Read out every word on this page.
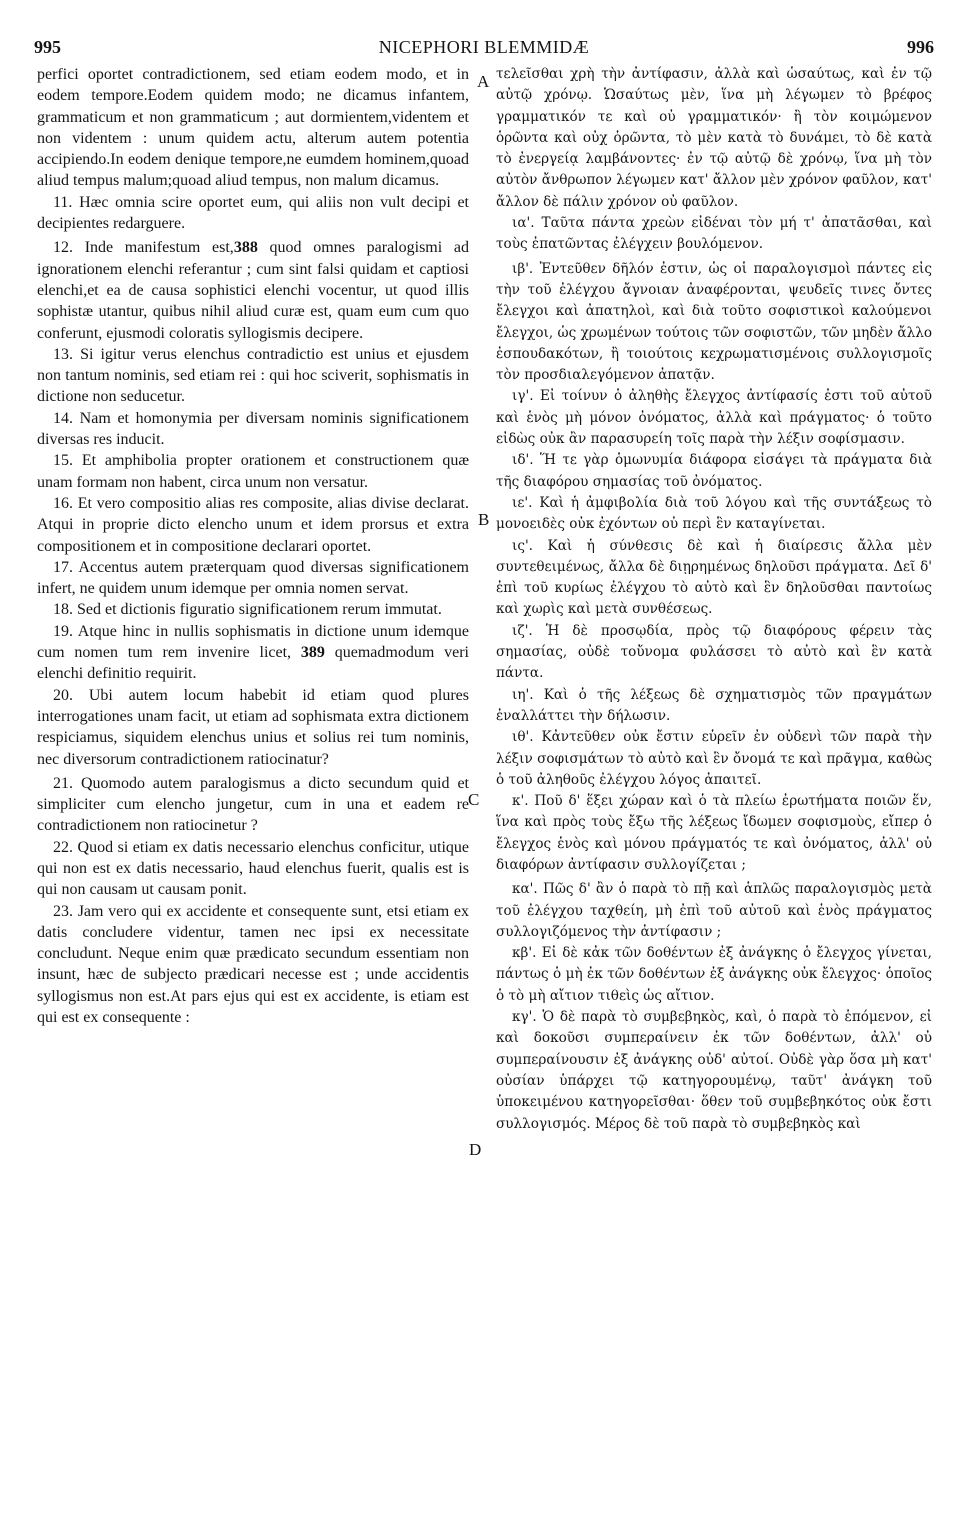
995	NICEPHORI BLEMMIDÆ	996
A
B
C
D

perfici oportet contradictionem, sed etiam eodem modo, et in eodem tempore.Eodem quidem modo; ne dicamus infantem, grammaticum et non grammaticum ; aut dormientem,videntem et non videntem : unum quidem actu, alterum autem potentia accipiendo.In eodem denique tempore,ne eumdem hominem,quoad aliud tempus malum;quoad aliud tempus, non malum dicamus.

11. Hæc omnia scire oportet eum, qui aliis non vult decipi et decipientes redarguere.

12. Inde manifestum est,388 quod omnes paralogismi ad ignorationem elenchi referantur ; cum sint falsi quidam et captiosi elenchi,et ea de causa sophistici elenchi vocentur, ut quod illis sophistæ utantur, quibus nihil aliud curæ est, quam eum cum quo conferunt, ejusmodi coloratis syllogismis decipere.

13. Si igitur verus elenchus contradictio est unius et ejusdem non tantum nominis, sed etiam rei : qui hoc sciverit, sophismatis in dictione non seducetur.

14. Nam et homonymia per diversam nominis significationem diversas res inducit.

15. Et amphibolia propter orationem et constructionem quæ unam formam non habent, circa unum non versatur.

16. Et vero compositio alias res composite, alias divise declarat. Atqui in proprie dicto elencho unum et idem prorsus et extra compositionem et in compositione declarari oportet.

17. Accentus autem præterquam quod diversas significationem infert, ne quidem unum idemque per omnia nomen servat.

18. Sed et dictionis figuratio significationem rerum immutat.

19. Atque hinc in nullis sophismatis in dictione unum idemque cum nomen tum rem invenire licet, 389 quemadmodum veri elenchi definitio requirit.

20. Ubi autem locum habebit id etiam quod plures interrogationes unam facit, ut etiam ad sophismata extra dictionem respiciamus, siquidem elenchus unius et solius rei tum nominis, nec diversorum contradictionem ratiocinatur?

21. Quomodo autem paralogismus a dicto secundum quid et simpliciter cum elencho jungetur, cum in una et eadem re contradictionem non ratiocinetur ?

22. Quod si etiam ex datis necessario elenchus conficitur, utique qui non est ex datis necessario, haud elenchus fuerit, qualis est is qui non causam ut causam ponit.

23. Jam vero qui ex accidente et consequente sunt, etsi etiam ex datis concludere videntur, tamen nec ipsi ex necessitate concludunt. Neque enim quæ prædicato secundum essentiam non insunt, hæc de subjecto prædicari necesse est ; unde accidentis syllogismus non est.At pars ejus qui est ex accidente, is etiam est qui est ex consequente :

τελεῖσθαι χρὴ τὴν ἀντίφασιν, ἀλλὰ καὶ ὡσαύτως, καὶ ἐν τῷ αὐτῷ χρόνῳ. Ὡσαύτως μὲν, ἵνα μὴ λέγωμεν τὸ βρέφος γραμματικόν τε καὶ οὐ γραμματικόν· ἢ τὸν κοιμώμενον ὁρῶντα καὶ οὐχ ὁρῶντα, τὸ μὲν κατὰ τὸ δυνάμει, τὸ δὲ κατὰ τὸ ἐνεργείᾳ λαμβάνοντες· ἐν τῷ αὐτῷ δὲ χρόνῳ, ἵνα μὴ τὸν αὐτὸν ἄνθρωπον λέγωμεν κατ' ἄλλον μὲν χρόνον φαῦλον, κατ' ἄλλον δὲ πάλιν χρόνον οὐ φαῦλον.

ια'. Ταῦτα πάντα χρεὼν εἰδέναι τὸν μή τ' ἀπατᾶσθαι, καὶ τοὺς ἐπατῶντας ἐλέγχειν βουλόμενον.

ιβ'. Ἐντεῦθεν δῆλόν ἐστιν, ὡς οἱ παραλογισμοὶ πάντες εἰς τὴν τοῦ ἐλέγχου ἄγνοιαν ἀναφέρονται, ψευδεῖς τινες ὄντες ἔλεγχοι καὶ ἀπατηλοὶ, καὶ διὰ τοῦτο σοφιστικοὶ καλούμενοι ἔλεγχοι, ὡς χρωμένων τούτοις τῶν σοφιστῶν, τῶν μηδὲν ἄλλο ἐσπουδακότων, ἢ τοιούτοις κεχρωματισμένοις συλλογισμοῖς τὸν προσδιαλεγόμενον ἀπατᾷν.

ιγ'. Εἰ τοίνυν ὁ ἀληθὴς ἔλεγχος ἀντίφασίς ἐστι τοῦ αὐτοῦ καὶ ἑνὸς μὴ μόνον ὀνόματος, ἀλλὰ καὶ πράγματος· ὁ τοῦτο εἰδὼς οὐκ ἂν παρασυρείη τοῖς παρὰ τὴν λέξιν σοφίσμασιν.

ιδ'. Ἥ τε γὰρ ὁμωνυμία διάφορα εἰσάγει τὰ πράγματα διὰ τῆς διαφόρου σημασίας τοῦ ὀνόματος.

ιε'. Καὶ ἡ ἀμφιβολία διὰ τοῦ λόγου καὶ τῆς συντάξεως τὸ μονοειδὲς οὐκ ἐχόντων οὐ περὶ ἓν καταγίνεται.

ις'. Καὶ ἡ σύνθεσις δὲ καὶ ἡ διαίρεσις ἄλλα μὲν συντεθειμένως, ἄλλα δὲ διῃρημένως δηλοῦσι πράγματα. Δεῖ δ' ἐπὶ τοῦ κυρίως ἐλέγχου τὸ αὐτὸ καὶ ἓν δηλοῦσθαι παντοίως καὶ χωρὶς καὶ μετὰ συνθέσεως.

ιζ'. Ἡ δὲ προσῳδία, πρὸς τῷ διαφόρους φέρειν τὰς σημασίας, οὐδὲ τοὔνομα φυλάσσει τὸ αὐτὸ καὶ ἓν κατὰ πάντα.

ιη'. Καὶ ὁ τῆς λέξεως δὲ σχηματισμὸς τῶν πραγμάτων ἐναλλάττει τὴν δήλωσιν.

ιθ'. Κἀντεῦθεν οὐκ ἔστιν εὑρεῖν ἐν οὐδενὶ τῶν παρὰ τὴν λέξιν σοφισμάτων τὸ αὐτὸ καὶ ἓν ὄνομά τε καὶ πρᾶγμα, καθὼς ὁ τοῦ ἀληθοῦς ἐλέγχου λόγος ἀπαιτεῖ.

κ'. Ποῦ δ' ἕξει χώραν καὶ ὁ τὰ πλείω ἐρωτήματα ποιῶν ἕν, ἵνα καὶ πρὸς τοὺς ἔξω τῆς λέξεως ἴδωμεν σοφισμοὺς, εἴπερ ὁ ἔλεγχος ἑνὸς καὶ μόνου πράγματός τε καὶ ὀνόματος, ἀλλ' οὐ διαφόρων ἀντίφασιν συλλογίζεται ;

κα'. Πῶς δ' ἂν ὁ παρὰ τὸ πῇ καὶ ἁπλῶς παραλογισμὸς μετὰ τοῦ ἐλέγχου ταχθείη, μὴ ἐπὶ τοῦ αὐτοῦ καὶ ἑνὸς πράγματος συλλογιζόμενος τὴν ἀντίφασιν ;

κβ'. Εἰ δὲ κἀκ τῶν δοθέντων ἐξ ἀνάγκης ὁ ἔλεγχος γίνεται, πάντως ὁ μὴ ἐκ τῶν δοθέντων ἐξ ἀνάγκης οὐκ ἔλεγχος· ὁποῖος ὁ τὸ μὴ αἴτιον τιθεὶς ὡς αἴτιον.

κγ'. Ὁ δὲ παρὰ τὸ συμβεβηκὸς, καὶ, ὁ παρὰ τὸ ἑπόμενον, εἰ καὶ δοκοῦσι συμπεραίνειν ἐκ τῶν δοθέντων, ἀλλ' οὐ συμπεραίνουσιν ἐξ ἀνάγκης οὐδ' αὐτοί. Οὐδὲ γὰρ ὅσα μὴ κατ' οὐσίαν ὑπάρχει τῷ κατηγορουμένῳ, ταῦτ' ἀνάγκη τοῦ ὑποκειμένου κατηγορεῖσθαι· ὅθεν τοῦ συμβεβηκότος οὐκ ἔστι συλλογισμός. Μέρος δὲ τοῦ παρὰ τὸ συμβεβηκὸς καὶ
